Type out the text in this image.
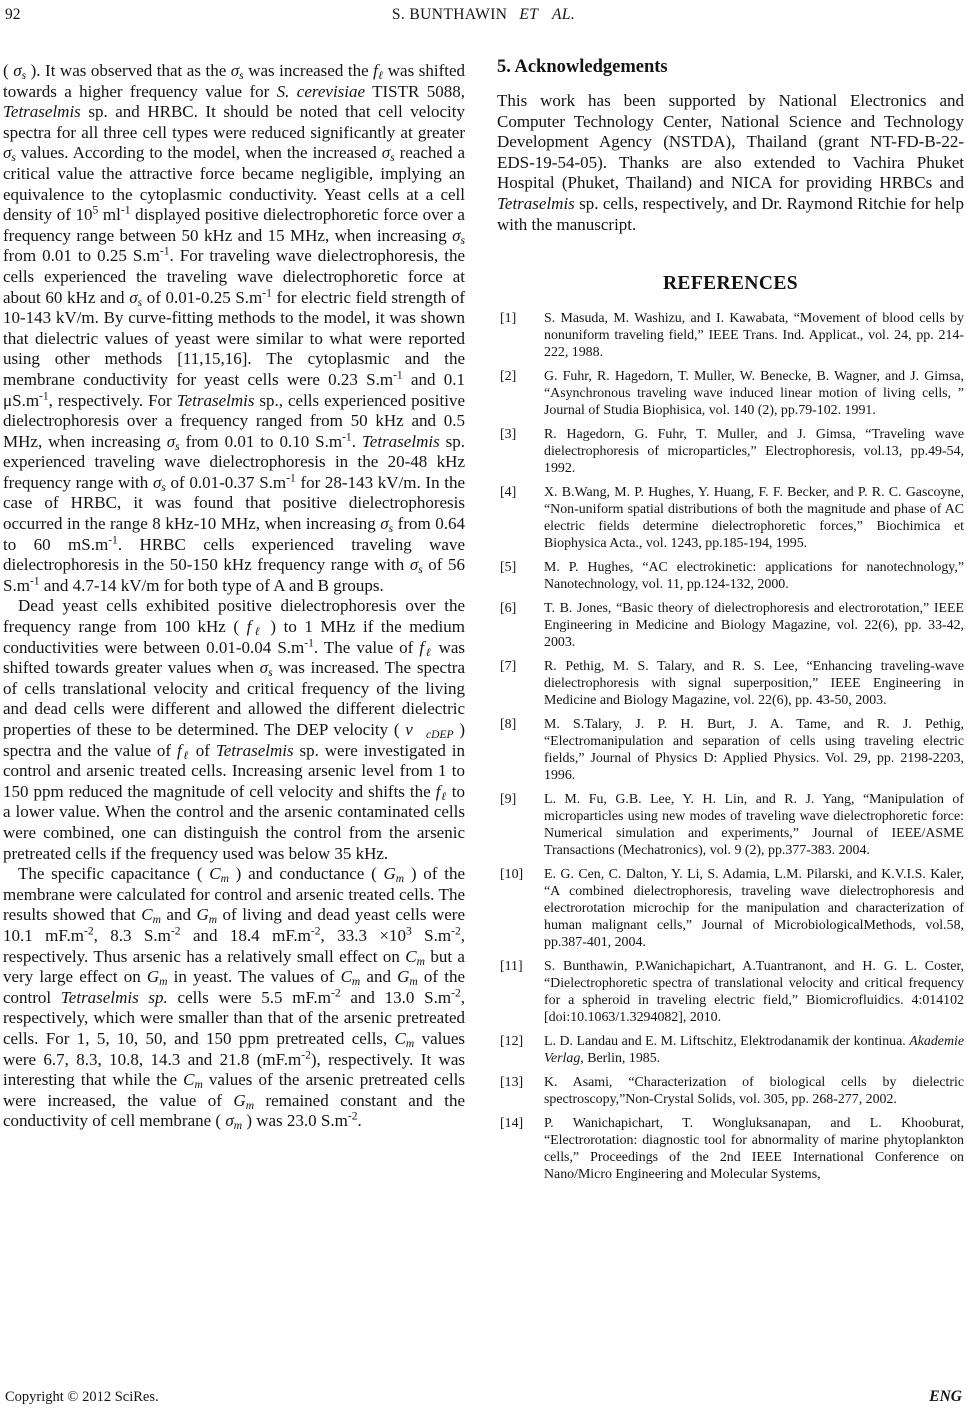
92	S. BUNTHAWIN ET AL.

( $\sigma_s$ ). It was observed that as the $\sigma_s$ was increased the $f_\ell$ was shifted towards a higher frequency value for S. cerevisiae TISTR 5088, Tetraselmis sp. and HRBC. It should be noted that cell velocity spectra for all three cell types were reduced significantly at greater $\sigma_s$ values. According to the model, when the increased $\sigma_s$ reached a critical value the attractive force became negligible, implying an equivalence to the cytoplasmic conductivity. Yeast cells at a cell density of $10^5$ $ml^{-1}$ displayed positive dielectrophoretic force over a frequency range between 50 kHz and 15 MHz, when increasing $\sigma_s$ from 0.01 to 0.25 $S.m^{-1}$. For traveling wave dielectrophoresis, the cells experienced the traveling wave dielectrophoretic force at about 60 kHz and $\sigma_s$ of 0.01-0.25 $S.m^{-1}$ for electric field strength of 10-143 kV/m. By curve-fitting methods to the model, it was shown that dielectric values of yeast were similar to what were reported using other methods [11,15,16]. The cytoplasmic and the membrane conductivity for yeast cells were 0.23 $S.m^{-1}$ and 0.1 $\mu S.m^{-1}$, respectively. For Tetraselmis sp., cells experienced positive dielectrophoresis over a frequency ranged from 50 kHz and 0.5 MHz, when increasing $\sigma_s$ from 0.01 to 0.10 $S.m^{-1}$. Tetraselmis sp. experienced traveling wave dielectrophoresis in the 20-48 kHz frequency range with $\sigma_s$ of 0.01-0.37 $S.m^{-1}$ for 28-143 kV/m. In the case of HRBC, it was found that positive dielectrophoresis occurred in the range 8 kHz-10 MHz, when increasing $\sigma_s$ from 0.64 to 60 $mS.m^{-1}$. HRBC cells experienced traveling wave dielectrophoresis in the 50-150 kHz frequency range with $\sigma_s$ of 56 $S.m^{-1}$ and 4.7-14 kV/m for both type of A and B groups.

Dead yeast cells exhibited positive dielectrophoresis over the frequency range from 100 kHz ( $f_\ell$ ) to 1 MHz if the medium conductivities were between 0.01-0.04 $S.m^{-1}$. The value of $f_\ell$ was shifted towards greater values when $\sigma_s$ was increased. The spectra of cells translational velocity and critical frequency of the living and dead cells were different and allowed the different dielectric properties of these to be determined. The DEP velocity ( $v⃗_{cDEP}$ ) spectra and the value of $f_\ell$ of Tetraselmis sp. were investigated in control and arsenic treated cells. Increasing arsenic level from 1 to 150 ppm reduced the magnitude of cell velocity and shifts the $f_\ell$ to a lower value. When the control and the arsenic contaminated cells were combined, one can distinguish the control from the arsenic pretreated cells if the frequency used was below 35 kHz.

The specific capacitance ( $C_m$ ) and conductance ( $G_m$ ) of the membrane were calculated for control and arsenic treated cells. The results showed that $C_m$ and $G_m$ of living and dead yeast cells were 10.1 $mF.m^{-2}$, 8.3 $S.m^{-2}$ and 18.4 $mF.m^{-2}$, $33.3 \times 10^3$ $S.m^{-2}$, respectively. Thus arsenic has a relatively small effect on $C_m$ but a very large effect on $G_m$ in yeast. The values of $C_m$ and $G_m$ of the control Tetraselmis sp. cells were 5.5 $mF.m^{-2}$ and 13.0 $S.m^{-2}$, respectively, which were smaller than that of the arsenic pretreated cells. For 1, 5, 10, 50, and 150 ppm pretreated cells, $C_m$ values were 6.7, 8.3, 10.8, 14.3 and 21.8 $(mF.m^{-2})$, respectively. It was interesting that while the $C_m$ values of the arsenic pretreated cells were increased, the value of $G_m$ remained constant and the conductivity of cell membrane ( $\sigma_m$ ) was 23.0 $S.m^{-2}$.

5. Acknowledgements

This work has been supported by National Electronics and Computer Technology Center, National Science and Technology Development Agency (NSTDA), Thailand (grant NT-FD-B-22-EDS-19-54-05). Thanks are also extended to Vachira Phuket Hospital (Phuket, Thailand) and NICA for providing HRBCs and Tetraselmis sp. cells, respectively, and Dr. Raymond Ritchie for help with the manuscript.

REFERENCES
[1]	S. Masuda, M. Washizu, and I. Kawabata, “Movement of blood cells by nonuniform traveling field,” IEEE Trans. Ind. Applicat., vol. 24, pp. 214-222, 1988.
[2]	G. Fuhr, R. Hagedorn, T. Muller, W. Benecke, B. Wagner, and J. Gimsa, “Asynchronous traveling wave induced linear motion of living cells, ” Journal of Studia Biophisica, vol. 140 (2), pp.79-102. 1991.
[3]	R. Hagedorn, G. Fuhr, T. Muller, and J. Gimsa, “Traveling wave dielectrophoresis of microparticles,” Electrophoresis, vol.13, pp.49-54, 1992.
[4]	X. B.Wang, M. P. Hughes, Y. Huang, F. F. Becker, and P. R. C. Gascoyne, “Non-uniform spatial distributions of both the magnitude and phase of AC electric fields determine dielectrophoretic forces,” Biochimica et Biophysica Acta., vol. 1243, pp.185-194, 1995.
[5]	M. P. Hughes, “AC electrokinetic: applications for nanotechnology,” Nanotechnology, vol. 11, pp.124-132, 2000.
[6]	T. B. Jones, “Basic theory of dielectrophoresis and electrorotation,” IEEE Engineering in Medicine and Biology Magazine, vol. 22(6), pp. 33-42, 2003.
[7]	R. Pethig, M. S. Talary, and R. S. Lee, “Enhancing traveling-wave dielectrophoresis with signal superposition,” IEEE Engineering in Medicine and Biology Magazine, vol. 22(6), pp. 43-50, 2003.
[8]	M. S.Talary, J. P. H. Burt, J. A. Tame, and R. J. Pethig, “Electromanipulation and separation of cells using traveling electric fields,” Journal of Physics D: Applied Physics. Vol. 29, pp. 2198-2203, 1996.
[9]	L. M. Fu, G.B. Lee, Y. H. Lin, and R. J. Yang, “Manipulation of microparticles using new modes of traveling wave dielectrophoretic force: Numerical simulation and experiments,” Journal of IEEE/ASME Transactions (Mechatronics), vol. 9 (2), pp.377-383. 2004.
[10]	E. G. Cen, C. Dalton, Y. Li, S. Adamia, L.M. Pilarski, and K.V.I.S. Kaler, “A combined dielectrophoresis, traveling wave dielectrophoresis and electrorotation microchip for the manipulation and characterization of human malignant cells,” Journal of MicrobiologicalMethods, vol.58, pp.387-401, 2004.
[11]	S. Bunthawin, P.Wanichapichart, A.Tuantranont, and H. G. L. Coster, “Dielectrophoretic spectra of translational velocity and critical frequency for a spheroid in traveling electric field,” Biomicrofluidics. 4:014102 [doi:10.1063/1.3294082], 2010.
[12]	L. D. Landau and E. M. Liftschitz, Elektrodanamik der kontinua. Akademie Verlag, Berlin, 1985.
[13]	K. Asami, “Characterization of biological cells by dielectric spectroscopy,”Non-Crystal Solids, vol. 305, pp. 268-277, 2002.
[14]	P. Wanichapichart, T. Wongluksanapan, and L. Khooburat, “Electrorotation: diagnostic tool for abnormality of marine phytoplankton cells,” Proceedings of the 2nd IEEE International Conference on Nano/Micro Engineering and Molecular Systems,
Copyright © 2012 SciRes.	ENG
